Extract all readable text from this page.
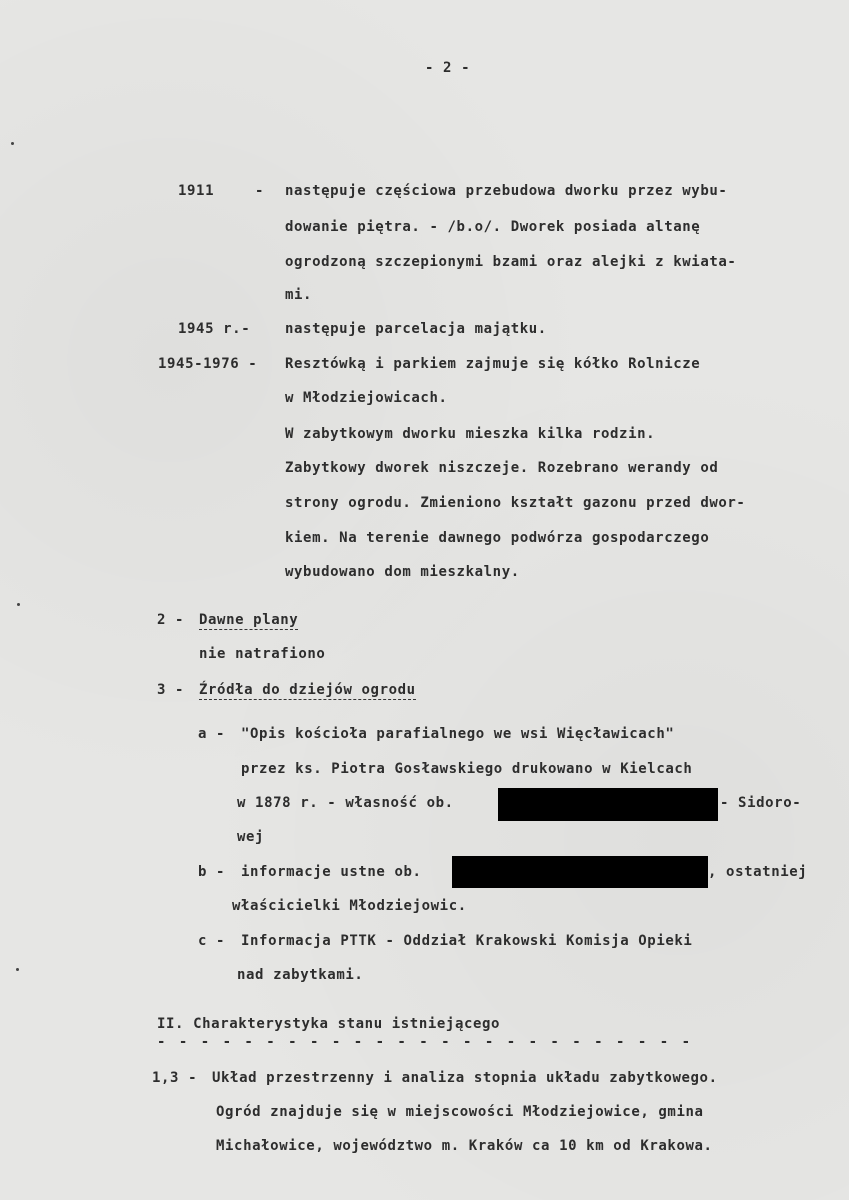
- 2 -
1911	- następuje częściowa przebudowa dworku przez wybu-
dowanie piętra. - /b.o/. Dworek posiada altanę
ogrodzoną szczepionymi bzami oraz alejki z kwiata-
mi.
1945 r.- następuje parcelacja majątku.
1945-1976 - Resztówką i parkiem zajmuje się kółko Rolnicze
w Młodziejowicach.
W zabytkowym dworku mieszka kilka rodzin.
Zabytkowy dworek niszczeje. Rozebrano werandy od
strony ogrodu. Zmieniono kształt gazonu przed dwor-
kiem. Na terenie dawnego podwórza gospodarczego
wybudowano dom mieszkalny.
2 - Dawne plany
nie natrafiono
3 - Źródła do dziejów ogrodu
a - "Opis kościoła parafialnego we wsi Więcławicach"
przez ks. Piotra Gosławskiego drukowano w Kielcach
w 1878 r. - własność ob.	- Sidoro-
wej
b - informacje ustne ob.	, ostatniej
właścicielki Młodziejowic.
c - Informacja PTTK - Oddział Krakowski Komisja Opieki
nad zabytkami.
II. Charakterystyka stanu istniejącego
- - - - - - - - - - - - - - - - - - - - - - - - -
1,3 - Układ przestrzenny i analiza stopnia układu zabytkowego.
Ogród znajduje się w miejscowości Młodziejowice, gmina
Michałowice, województwo m. Kraków ca 10 km od Krakowa.
